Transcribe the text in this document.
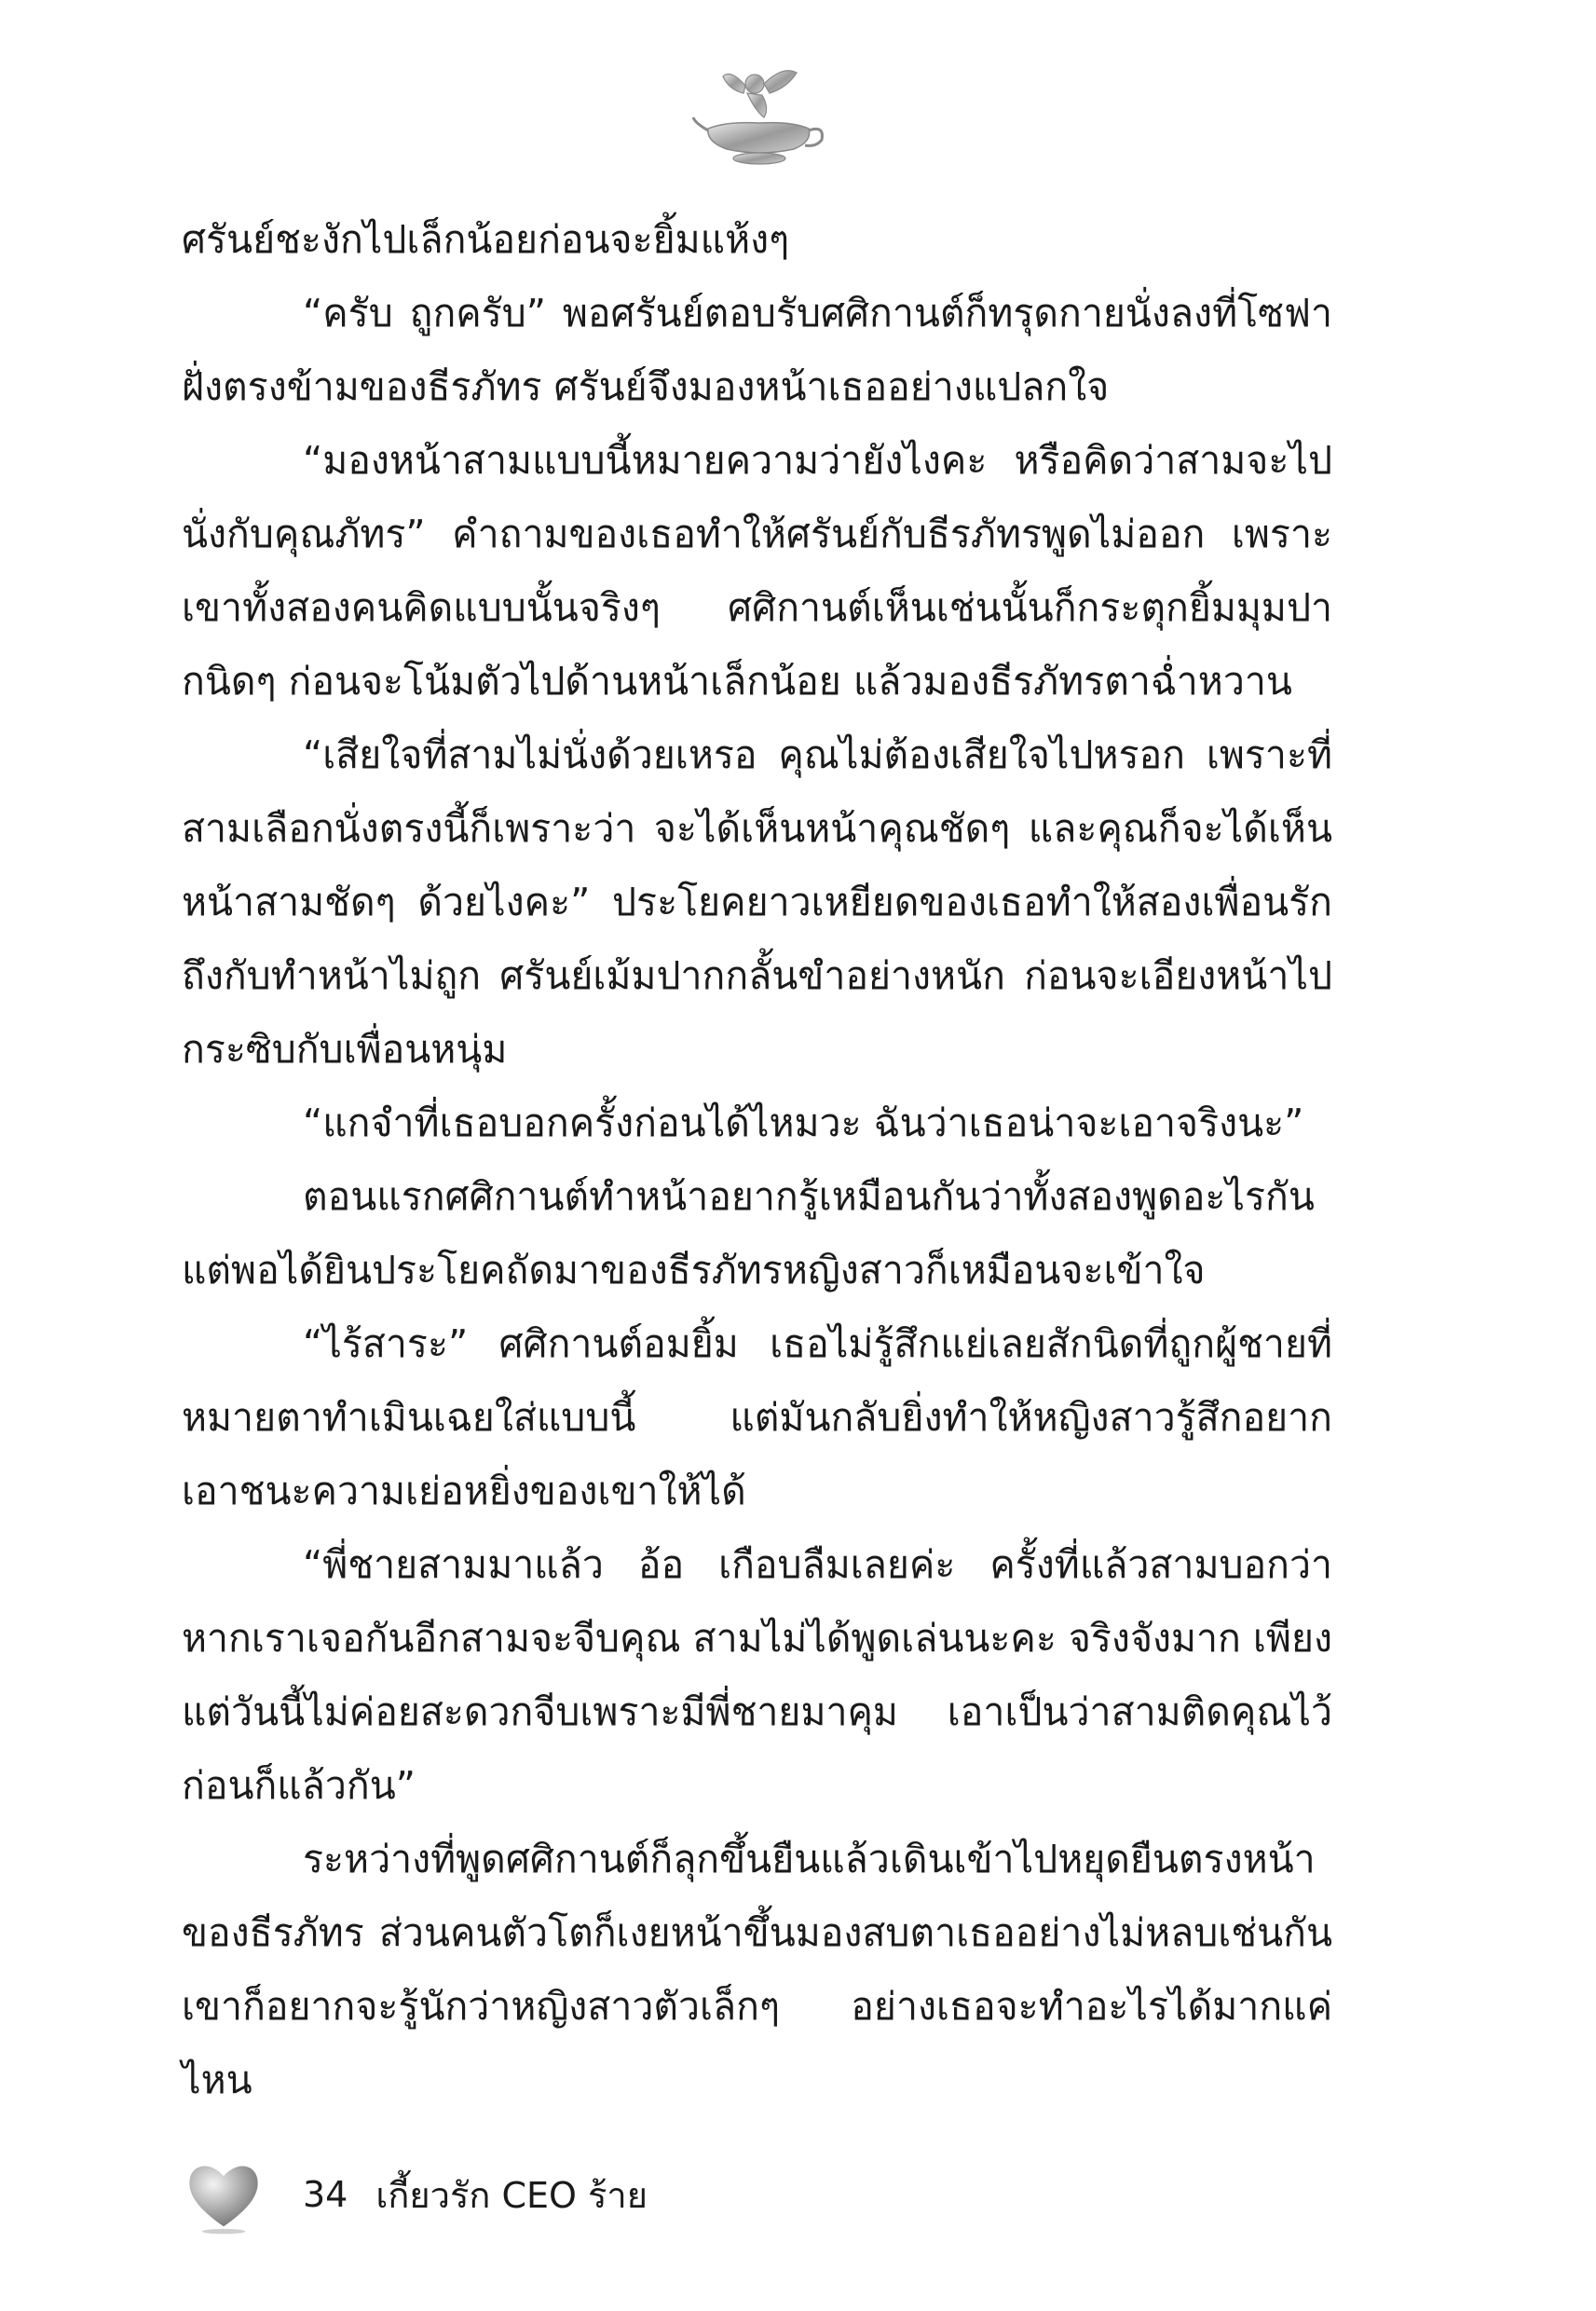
ศรันย์ชะงักไปเล็กน้อยก่อนจะยิ้มแห้งๆ

“ครับ ถูกครับ” พอศรันย์ตอบรับศศิกานต์ก็ทรุดกายนั่งลงที่โซฟาฝั่งตรงข้ามของธีรภัทร ศรันย์จึงมองหน้าเธออย่างแปลกใจ

“มองหน้าสามแบบนี้หมายความว่ายังไงคะ หรือคิดว่าสามจะไปนั่งกับคุณภัทร” คำถามของเธอทำให้ศรันย์กับธีรภัทรพูดไม่ออก เพราะเขาทั้งสองคนคิดแบบนั้นจริงๆ ศศิกานต์เห็นเช่นนั้นก็กระตุกยิ้มมุมปากนิดๆ ก่อนจะโน้มตัวไปด้านหน้าเล็กน้อย แล้วมองธีรภัทรตาฉ่ำหวาน

“เสียใจที่สามไม่นั่งด้วยเหรอ คุณไม่ต้องเสียใจไปหรอก เพราะที่สามเลือกนั่งตรงนี้ก็เพราะว่า จะได้เห็นหน้าคุณชัดๆ และคุณก็จะได้เห็นหน้าสามชัดๆ ด้วยไงคะ” ประโยคยาวเหยียดของเธอทำให้สองเพื่อนรักถึงกับทำหน้าไม่ถูก ศรันย์เม้มปากกลั้นขำอย่างหนัก ก่อนจะเอียงหน้าไปกระซิบกับเพื่อนหนุ่ม

“แกจำที่เธอบอกครั้งก่อนได้ไหมวะ ฉันว่าเธอน่าจะเอาจริงนะ”

ตอนแรกศศิกานต์ทำหน้าอยากรู้เหมือนกันว่าทั้งสองพูดอะไรกัน แต่พอได้ยินประโยคถัดมาของธีรภัทรหญิงสาวก็เหมือนจะเข้าใจ

“ไร้สาระ” ศศิกานต์อมยิ้ม เธอไม่รู้สึกแย่เลยสักนิดที่ถูกผู้ชายที่หมายตาทำเมินเฉยใส่แบบนี้ แต่มันกลับยิ่งทำให้หญิงสาวรู้สึกอยากเอาชนะความเย่อหยิ่งของเขาให้ได้

“พี่ชายสามมาแล้ว อ้อ เกือบลืมเลยค่ะ ครั้งที่แล้วสามบอกว่า หากเราเจอกันอีกสามจะจีบคุณ สามไม่ได้พูดเล่นนะคะ จริงจังมาก เพียงแต่วันนี้ไม่ค่อยสะดวกจีบเพราะมีพี่ชายมาคุม เอาเป็นว่าสามติดคุณไว้ก่อนก็แล้วกัน”

ระหว่างที่พูดศศิกานต์ก็ลุกขึ้นยืนแล้วเดินเข้าไปหยุดยืนตรงหน้าของธีรภัทร ส่วนคนตัวโตก็เงยหน้าขึ้นมองสบตาเธออย่างไม่หลบเช่นกัน เขาก็อยากจะรู้นักว่าหญิงสาวตัวเล็กๆ อย่างเธอจะทำอะไรได้มากแค่ไหน

34 เกี้ยวรัก CEO ร้าย
